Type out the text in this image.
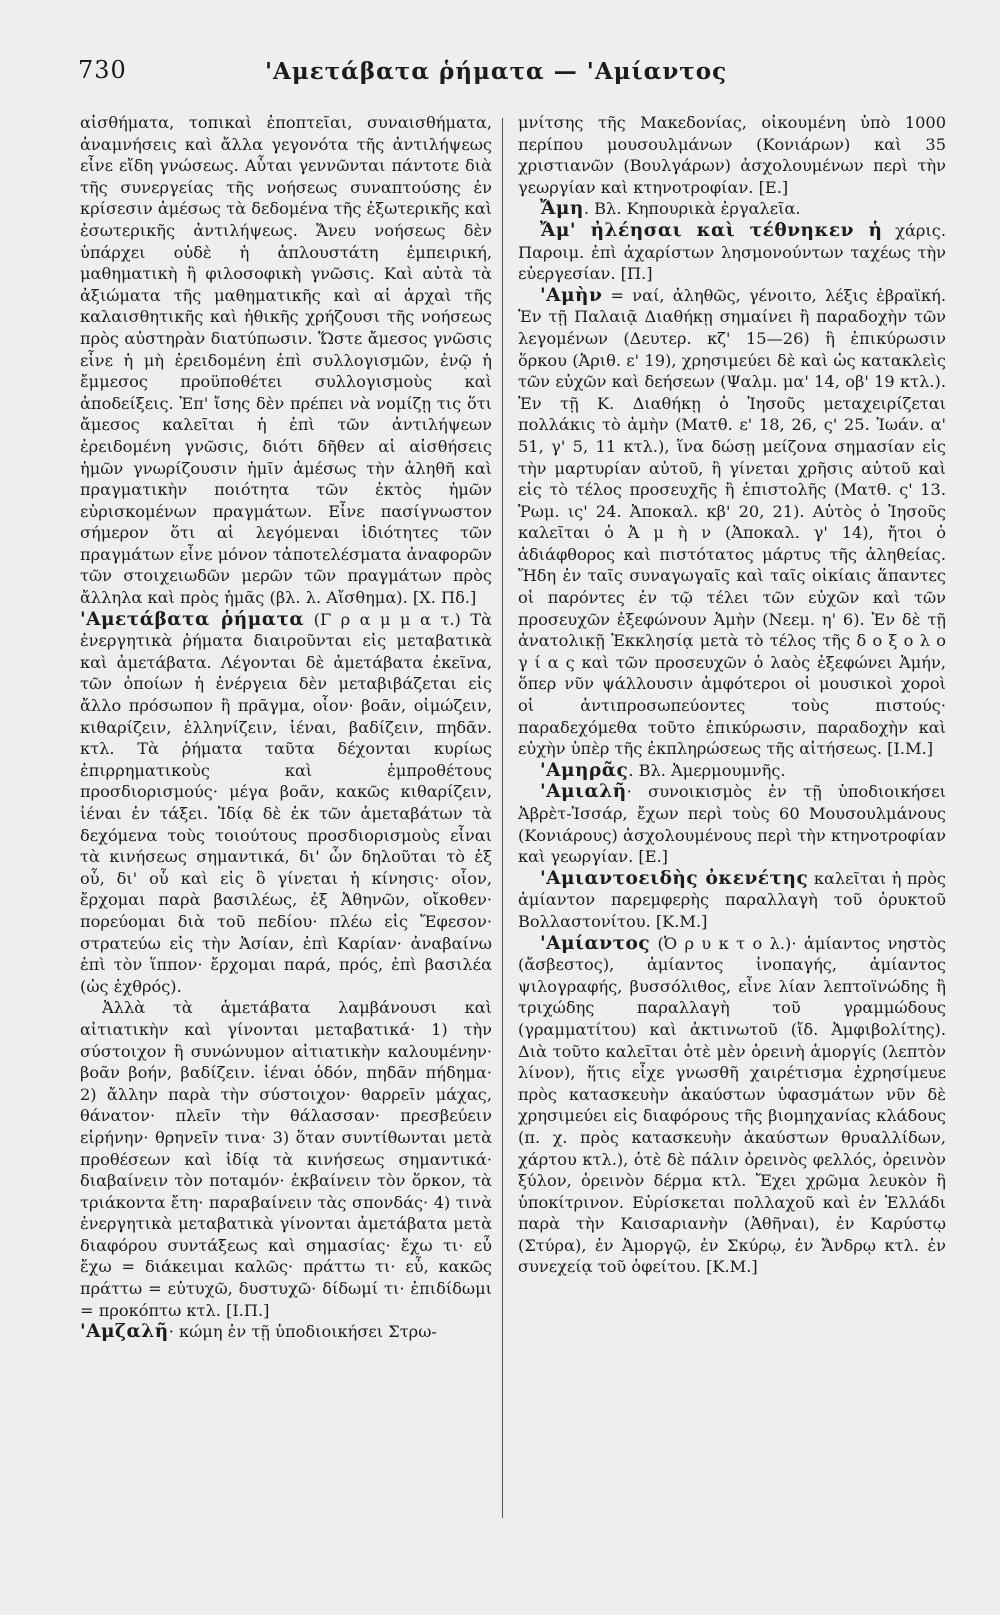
730	'Αμετάβατα ῥήματα — 'Αμίαντος

αἰσθήματα, τοπικαὶ ἐποπτεῖαι, συναισθήματα, ἀναμνήσεις καὶ ἄλλα γεγονότα τῆς ἀντιλήψεως εἶνε εἴδη γνώσεως. Αὗται γεννῶνται πάντοτε διὰ τῆς συνεργείας τῆς νοήσεως συναπτούσης ἐν κρίσεσιν ἀμέσως τὰ δεδομένα τῆς ἐξωτερικῆς καὶ ἐσωτερικῆς ἀντιλήψεως. Ἄνευ νοήσεως δὲν ὑπάρχει οὐδὲ ἡ ἁπλουστάτη ἐμπειρική, μαθηματικὴ ἢ φιλοσοφικὴ γνῶσις. Καὶ αὐτὰ τὰ ἀξιώματα τῆς μαθηματικῆς καὶ αἱ ἀρχαὶ τῆς καλαισθητικῆς καὶ ἠθικῆς χρήζουσι τῆς νοήσεως πρὸς αὐστηρὰν διατύπωσιν. Ὥστε ἄμεσος γνῶσις εἶνε ἡ μὴ ἐρειδομένη ἐπὶ συλλογισμῶν, ἐνῷ ἡ ἔμμεσος προϋποθέτει συλλογισμοὺς καὶ ἀποδείξεις. Ἐπ' ἴσης δὲν πρέπει νὰ νομίζῃ τις ὅτι ἄμεσος καλεῖται ἡ ἐπὶ τῶν ἀντιλήψεων ἐρειδομένη γνῶσις, διότι δῆθεν αἱ αἰσθήσεις ἡμῶν γνωρίζουσιν ἡμῖν ἀμέσως τὴν ἀληθῆ καὶ πραγματικὴν ποιότητα τῶν ἐκτὸς ἡμῶν εὑρισκομένων πραγμάτων. Εἶνε πασίγνωστον σήμερον ὅτι αἱ λεγόμεναι ἰδιότητες τῶν πραγμάτων εἶνε μόνον τἀποτελέσματα ἀναφορῶν τῶν στοιχειωδῶν μερῶν τῶν πραγμάτων πρὸς ἄλληλα καὶ πρὸς ἡμᾶς (βλ. λ. Αἴσθημα). [Χ. Πδ.]

'Αμετάβατα ῥήματα (Γ ρ α μ μ α τ.) Τὰ ἐνεργητικὰ ῥήματα διαιροῦνται εἰς μεταβατικὰ καὶ ἀμετάβατα. Λέγονται δὲ ἀμετάβατα ἐκεῖνα, τῶν ὁποίων ἡ ἐνέργεια δὲν μεταβιβάζεται εἰς ἄλλο πρόσωπον ἢ πρᾶγμα, οἷον· βοᾶν, οἰμώζειν, κιθαρίζειν, ἑλληνίζειν, ἰέναι, βαδίζειν, πηδᾶν. κτλ. Τὰ ῥήματα ταῦτα δέχονται κυρίως ἐπιρρηματικοὺς καὶ ἐμπροθέτους προσδιορισμούς· μέγα βοᾶν, κακῶς κιθαρίζειν, ἰέναι ἐν τάξει. Ἰδίᾳ δὲ ἐκ τῶν ἀμεταβάτων τὰ δεχόμενα τοὺς τοιούτους προσδιορισμοὺς εἶναι τὰ κινήσεως σημαντικά, δι' ὧν δηλοῦται τὸ ἐξ οὗ, δι' οὗ καὶ εἰς ὃ γίνεται ἡ κίνησις· οἷον, ἔρχομαι παρὰ βασιλέως, ἐξ Ἀθηνῶν, οἴκοθεν· πορεύομαι διὰ τοῦ πεδίου· πλέω εἰς Ἔφεσον· στρατεύω εἰς τὴν Ἀσίαν, ἐπὶ Καρίαν· ἀναβαίνω ἐπὶ τὸν ἵππον· ἔρχομαι παρά, πρός, ἐπὶ βασιλέα (ὡς ἐχθρός).

Ἀλλὰ τὰ ἀμετάβατα λαμβάνουσι καὶ αἰτιατικὴν καὶ γίνονται μεταβατικά· 1) τὴν σύστοιχον ἢ συνώνυμον αἰτιατικὴν καλουμένην· βοᾶν βοήν, βαδίζειν. ἰέναι ὁδόν, πηδᾶν πήδημα· 2) ἄλλην παρὰ τὴν σύστοιχον· θαρρεῖν μάχας, θάνατον· πλεῖν τὴν θάλασσαν· πρεσβεύειν εἰρήνην· θρηνεῖν τινα· 3) ὅταν συντίθωνται μετὰ προθέσεων καὶ ἰδίᾳ τὰ κινήσεως σημαντικά· διαβαίνειν τὸν ποταμόν· ἐκβαίνειν τὸν ὅρκον, τὰ τριάκοντα ἔτη· παραβαίνειν τὰς σπονδάς· 4) τινὰ ἐνεργητικὰ μεταβατικὰ γίνονται ἀμετάβατα μετὰ διαφόρου συντάξεως καὶ σημασίας· ἔχω τι· εὖ ἔχω = διάκειμαι καλῶς· πράττω τι· εὖ, κακῶς πράττω = εὐτυχῶ, δυστυχῶ· δίδωμί τι· ἐπιδίδωμι = προκόπτω κτλ. [Ι.Π.]

'Αμζαλῆ· κώμη ἐν τῇ ὑποδιοικήσει Στρω-

μνίτσης τῆς Μακεδονίας, οἰκουμένη ὑπὸ 1000 περίπου μουσουλμάνων (Κονιάρων) καὶ 35 χριστιανῶν (Βουλγάρων) ἀσχολουμένων περὶ τὴν γεωργίαν καὶ κτηνοτροφίαν. [Ε.]

Ἄμη. Βλ. Κηπουρικὰ ἐργαλεῖα.

Ἄμ' ἠλέησαι καὶ τέθνηκεν ἡ χάρις. Παροιμ. ἐπὶ ἀχαρίστων λησμονούντων ταχέως τὴν εὐεργεσίαν. [Π.]

'Αμὴν = ναί, ἀληθῶς, γένοιτο, λέξις ἑβραϊκή. Ἐν τῇ Παλαιᾷ Διαθήκῃ σημαίνει ἢ παραδοχὴν τῶν λεγομένων (Δευτερ. κζ' 15—26) ἢ ἐπικύρωσιν ὅρκου (Ἀριθ. ε' 19), χρησιμεύει δὲ καὶ ὡς κατακλεὶς τῶν εὐχῶν καὶ δεήσεων (Ψαλμ. μα' 14, οβ' 19 κτλ.). Ἐν τῇ Κ. Διαθήκῃ ὁ Ἰησοῦς μεταχειρίζεται πολλάκις τὸ ἀμὴν (Ματθ. ε' 18, 26, ς' 25. Ἰωάν. α' 51, γ' 5, 11 κτλ.), ἵνα δώσῃ μείζονα σημασίαν εἰς τὴν μαρτυρίαν αὐτοῦ, ἢ γίνεται χρῆσις αὐτοῦ καὶ εἰς τὸ τέλος προσευχῆς ἢ ἐπιστολῆς (Ματθ. ς' 13. Ῥωμ. ις' 24. Ἀποκαλ. κβ' 20, 21). Αὐτὸς ὁ Ἰησοῦς καλεῖται ὁ Ἀ μ ὴ ν (Ἀποκαλ. γ' 14), ἤτοι ὁ ἀδιάφθορος καὶ πιστότατος μάρτυς τῆς ἀληθείας. Ἤδη ἐν ταῖς συναγωγαῖς καὶ ταῖς οἰκίαις ἅπαντες οἱ παρόντες ἐν τῷ τέλει τῶν εὐχῶν καὶ τῶν προσευχῶν ἐξεφώνουν Ἀμὴν (Νεεμ. η' 6). Ἐν δὲ τῇ ἀνατολικῇ Ἐκκλησίᾳ μετὰ τὸ τέλος τῆς δ ο ξ ο λ ο γ ί α ς καὶ τῶν προσευχῶν ὁ λαὸς ἐξεφώνει Ἀμήν, ὅπερ νῦν ψάλλουσιν ἀμφότεροι οἱ μουσικοὶ χοροὶ οἱ ἀντιπροσωπεύοντες τοὺς πιστούς· παραδεχόμεθα τοῦτο ἐπικύρωσιν, παραδοχὴν καὶ εὐχὴν ὑπὲρ τῆς ἐκπληρώσεως τῆς αἰτήσεως. [Ι.Μ.]

'Αμηρᾶς. Βλ. Ἀμερμουμνῆς.

'Αμιαλῆ· συνοικισμὸς ἐν τῇ ὑποδιοικήσει Ἀβρὲτ-Ἱσσάρ, ἔχων περὶ τοὺς 60 Μουσουλμάνους (Κονιάρους) ἀσχολουμένους περὶ τὴν κτηνοτροφίαν καὶ γεωργίαν. [Ε.]

'Αμιαντοειδὴς ὀκενέτης καλεῖται ἡ πρὸς ἀμίαντον παρεμφερὴς παραλλαγὴ τοῦ ὀρυκτοῦ Βολλαστονίτου. [Κ.Μ.]

'Αμίαντος (Ὀ ρ υ κ τ ο λ.)· ἀμίαντος νηστὸς (ἄσβεστος), ἀμίαντος ἰνοπαγής, ἀμίαντος ψιλογραφής, βυσσόλιθος, εἶνε λίαν λεπτοϊνώδης ἢ τριχώδης παραλλαγὴ τοῦ γραμμώδους (γραμματίτου) καὶ ἀκτινωτοῦ (ἴδ. Ἀμφιβολίτης). Διὰ τοῦτο καλεῖται ὁτὲ μὲν ὀρεινὴ ἀμοργίς (λεπτὸν λίνον), ἥτις εἶχε γνωσθῆ χαιρέτισμα ἐχρησίμευε πρὸς κατασκευὴν ἀκαύστων ὑφασμάτων νῦν δὲ χρησιμεύει εἰς διαφόρους τῆς βιομηχανίας κλάδους (π. χ. πρὸς κατασκευὴν ἀκαύστων θρυαλλίδων, χάρτου κτλ.), ὁτὲ δὲ πάλιν ὀρεινὸς φελλός, ὀρεινὸν ξύλον, ὀρεινὸν δέρμα κτλ. Ἔχει χρῶμα λευκὸν ἢ ὑποκίτρινον. Εὑρίσκεται πολλαχοῦ καὶ ἐν Ἑλλάδι παρὰ τὴν Καισαριανὴν (Ἀθῆναι), ἐν Καρύστῳ (Στύρα), ἐν Ἀμοργῷ, ἐν Σκύρῳ, ἐν Ἄνδρῳ κτλ. ἐν συνεχείᾳ τοῦ ὀφείτου. [Κ.Μ.]
